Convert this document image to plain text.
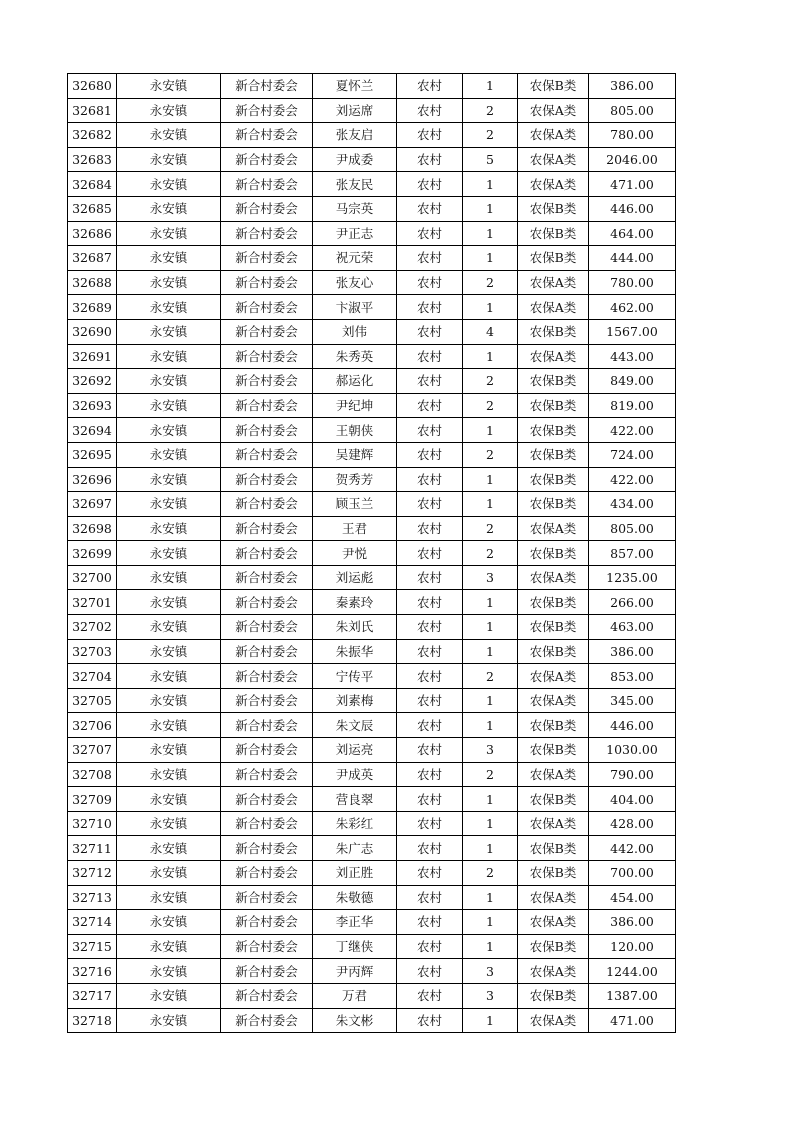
32680	永安镇	新合村委会	夏怀兰	农村	1	农保B类	386.00
32681	永安镇	新合村委会	刘运席	农村	2	农保A类	805.00
32682	永安镇	新合村委会	张友启	农村	2	农保A类	780.00
32683	永安镇	新合村委会	尹成委	农村	5	农保A类	2046.00
32684	永安镇	新合村委会	张友民	农村	1	农保A类	471.00
32685	永安镇	新合村委会	马宗英	农村	1	农保B类	446.00
32686	永安镇	新合村委会	尹正志	农村	1	农保B类	464.00
32687	永安镇	新合村委会	祝元荣	农村	1	农保B类	444.00
32688	永安镇	新合村委会	张友心	农村	2	农保A类	780.00
32689	永安镇	新合村委会	卞淑平	农村	1	农保A类	462.00
32690	永安镇	新合村委会	刘伟	农村	4	农保B类	1567.00
32691	永安镇	新合村委会	朱秀英	农村	1	农保A类	443.00
32692	永安镇	新合村委会	郝运化	农村	2	农保B类	849.00
32693	永安镇	新合村委会	尹纪坤	农村	2	农保B类	819.00
32694	永安镇	新合村委会	王朝侠	农村	1	农保B类	422.00
32695	永安镇	新合村委会	吴建辉	农村	2	农保B类	724.00
32696	永安镇	新合村委会	贺秀芳	农村	1	农保B类	422.00
32697	永安镇	新合村委会	顾玉兰	农村	1	农保B类	434.00
32698	永安镇	新合村委会	王君	农村	2	农保A类	805.00
32699	永安镇	新合村委会	尹悦	农村	2	农保B类	857.00
32700	永安镇	新合村委会	刘运彪	农村	3	农保A类	1235.00
32701	永安镇	新合村委会	秦素玲	农村	1	农保B类	266.00
32702	永安镇	新合村委会	朱刘氏	农村	1	农保B类	463.00
32703	永安镇	新合村委会	朱振华	农村	1	农保B类	386.00
32704	永安镇	新合村委会	宁传平	农村	2	农保A类	853.00
32705	永安镇	新合村委会	刘素梅	农村	1	农保A类	345.00
32706	永安镇	新合村委会	朱文辰	农村	1	农保B类	446.00
32707	永安镇	新合村委会	刘运亮	农村	3	农保B类	1030.00
32708	永安镇	新合村委会	尹成英	农村	2	农保A类	790.00
32709	永安镇	新合村委会	营良翠	农村	1	农保B类	404.00
32710	永安镇	新合村委会	朱彩红	农村	1	农保A类	428.00
32711	永安镇	新合村委会	朱广志	农村	1	农保B类	442.00
32712	永安镇	新合村委会	刘正胜	农村	2	农保B类	700.00
32713	永安镇	新合村委会	朱敬德	农村	1	农保A类	454.00
32714	永安镇	新合村委会	李正华	农村	1	农保A类	386.00
32715	永安镇	新合村委会	丁继侠	农村	1	农保B类	120.00
32716	永安镇	新合村委会	尹丙辉	农村	3	农保A类	1244.00
32717	永安镇	新合村委会	万君	农村	3	农保B类	1387.00
32718	永安镇	新合村委会	朱文彬	农村	1	农保A类	471.00
